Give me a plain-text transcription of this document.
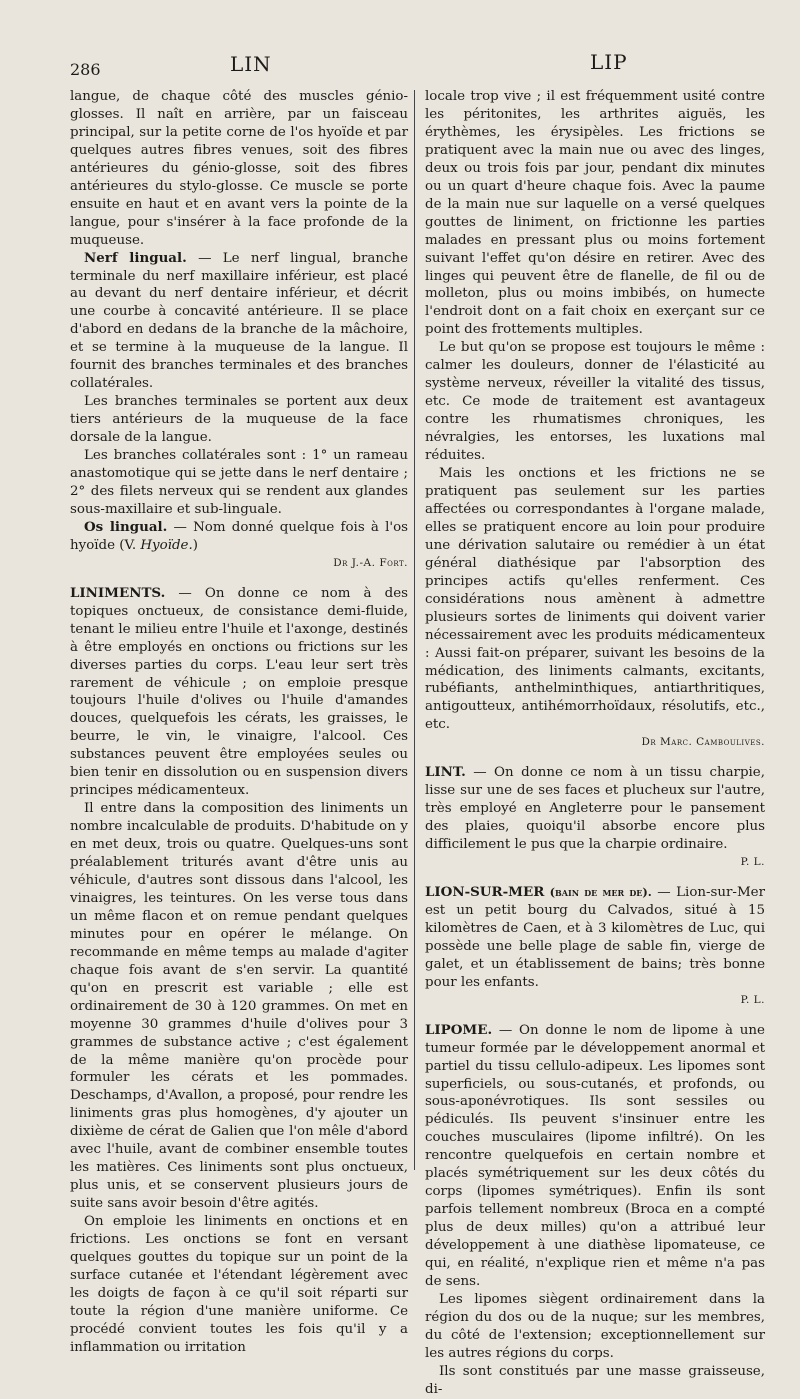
286	LIN	LIP

langue, de chaque côté des muscles génio-glosses. Il naît en arrière, par un faisceau principal, sur la petite corne de l'os hyoïde et par quelques autres fibres venues, soit des fibres antérieures du génio-glosse, soit des fibres antérieures du stylo-glosse. Ce muscle se porte ensuite en haut et en avant vers la pointe de la langue, pour s'insérer à la face profonde de la muqueuse.

Nerf lingual. — Le nerf lingual, branche terminale du nerf maxillaire inférieur, est placé au devant du nerf dentaire inférieur, et décrit une courbe à concavité antérieure. Il se place d'abord en dedans de la branche de la mâchoire, et se termine à la muqueuse de la langue. Il fournit des branches terminales et des branches collatérales.

Les branches terminales se portent aux deux tiers antérieurs de la muqueuse de la face dorsale de la langue.

Les branches collatérales sont : 1° un rameau anastomotique qui se jette dans le nerf dentaire ; 2° des filets nerveux qui se rendent aux glandes sous-maxillaire et sub-linguale.

Os lingual. — Nom donné quelque fois à l'os hyoïde (V. Hyoïde.)

Dr J.-A. Fort.

LINIMENTS. — On donne ce nom à des topiques onctueux, de consistance demi-fluide, tenant le milieu entre l'huile et l'axonge, destinés à être employés en onctions ou frictions sur les diverses parties du corps. L'eau leur sert très rarement de véhicule ; on emploie presque toujours l'huile d'olives ou l'huile d'amandes douces, quelquefois les cérats, les graisses, le beurre, le vin, le vinaigre, l'alcool. Ces substances peuvent être employées seules ou bien tenir en dissolution ou en suspension divers principes médicamenteux.

Il entre dans la composition des liniments un nombre incalculable de produits. D'habitude on y en met deux, trois ou quatre. Quelques-uns sont préalablement triturés avant d'être unis au véhicule, d'autres sont dissous dans l'alcool, les vinaigres, les teintures. On les verse tous dans un même flacon et on remue pendant quelques minutes pour en opérer le mélange. On recommande en même temps au malade d'agiter chaque fois avant de s'en servir. La quantité qu'on en prescrit est variable ; elle est ordinairement de 30 à 120 grammes. On met en moyenne 30 grammes d'huile d'olives pour 3 grammes de substance active ; c'est également de la même manière qu'on procède pour formuler les cérats et les pommades. Deschamps, d'Avallon, a proposé, pour rendre les liniments gras plus homogènes, d'y ajouter un dixième de cérat de Galien que l'on mêle d'abord avec l'huile, avant de combiner ensemble toutes les matières. Ces liniments sont plus onctueux, plus unis, et se conservent plusieurs jours de suite sans avoir besoin d'être agités.

On emploie les liniments en onctions et en frictions. Les onctions se font en versant quelques gouttes du topique sur un point de la surface cutanée et l'étendant légèrement avec les doigts de façon à ce qu'il soit réparti sur toute la région d'une manière uniforme. Ce procédé convient toutes les fois qu'il y a inflammation ou irritation

locale trop vive ; il est fréquemment usité contre les péritonites, les arthrites aiguës, les érythèmes, les érysipèles. Les frictions se pratiquent avec la main nue ou avec des linges, deux ou trois fois par jour, pendant dix minutes ou un quart d'heure chaque fois. Avec la paume de la main nue sur laquelle on a versé quelques gouttes de liniment, on frictionne les parties malades en pressant plus ou moins fortement suivant l'effet qu'on désire en retirer. Avec des linges qui peuvent être de flanelle, de fil ou de molleton, plus ou moins imbibés, on humecte l'endroit dont on a fait choix en exerçant sur ce point des frottements multiples.

Le but qu'on se propose est toujours le même : calmer les douleurs, donner de l'élasticité au système nerveux, réveiller la vitalité des tissus, etc. Ce mode de traitement est avantageux contre les rhumatismes chroniques, les névralgies, les entorses, les luxations mal réduites.

Mais les onctions et les frictions ne se pratiquent pas seulement sur les parties affectées ou correspondantes à l'organe malade, elles se pratiquent encore au loin pour produire une dérivation salutaire ou remédier à un état général diathésique par l'absorption des principes actifs qu'elles renferment. Ces considérations nous amènent à admettre plusieurs sortes de liniments qui doivent varier nécessairement avec les produits médicamenteux : Aussi fait-on préparer, suivant les besoins de la médication, des liniments calmants, excitants, rubéfiants, anthelminthiques, antiarthritiques, antigoutteux, antihémorrhoïdaux, résolutifs, etc., etc.

Dr Marc. Camboulives.

LINT. — On donne ce nom à un tissu charpie, lisse sur une de ses faces et plucheux sur l'autre, très employé en Angleterre pour le pansement des plaies, quoiqu'il absorbe encore plus difficilement le pus que la charpie ordinaire.

P. L.

LION-SUR-MER (bain de mer de). — Lion-sur-Mer est un petit bourg du Calvados, situé à 15 kilomètres de Caen, et à 3 kilomètres de Luc, qui possède une belle plage de sable fin, vierge de galet, et un établissement de bains; très bonne pour les enfants.

P. L.

LIPOME. — On donne le nom de lipome à une tumeur formée par le développement anormal et partiel du tissu cellulo-adipeux. Les lipomes sont superficiels, ou sous-cutanés, et profonds, ou sous-aponévrotiques. Ils sont sessiles ou pédiculés. Ils peuvent s'insinuer entre les couches musculaires (lipome infiltré). On les rencontre quelquefois en certain nombre et placés symétriquement sur les deux côtés du corps (lipomes symétriques). Enfin ils sont parfois tellement nombreux (Broca en a compté plus de deux milles) qu'on a attribué leur développement à une diathèse lipomateuse, ce qui, en réalité, n'explique rien et même n'a pas de sens.

Les lipomes siègent ordinairement dans la région du dos ou de la nuque; sur les membres, du côté de l'extension; exceptionnellement sur les autres régions du corps.

Ils sont constitués par une masse graisseuse, di-
